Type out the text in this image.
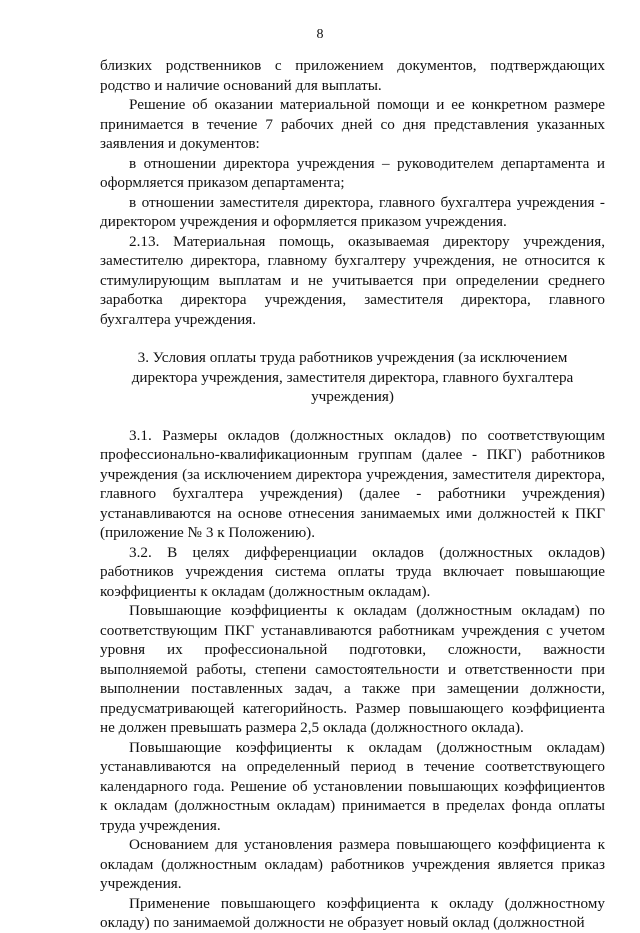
8

близких родственников с приложением документов, подтверждающих родство и наличие оснований для выплаты.

Решение об оказании материальной помощи и ее конкретном размере принимается в течение 7 рабочих дней со дня представления указанных заявления и документов:

в отношении директора учреждения – руководителем департамента и оформляется приказом департамента;

в отношении заместителя директора, главного бухгалтера учреждения - директором учреждения и оформляется приказом учреждения.

2.13. Материальная помощь, оказываемая директору учреждения, заместителю директора, главному бухгалтеру учреждения, не относится к стимулирующим выплатам и не учитывается при определении среднего заработка директора учреждения, заместителя директора, главного бухгалтера учреждения.

3. Условия оплаты труда работников учреждения (за исключением директора учреждения, заместителя директора, главного бухгалтера учреждения)

3.1. Размеры окладов (должностных окладов) по соответствующим профессионально-квалификационным группам (далее - ПКГ) работников учреждения (за исключением директора учреждения, заместителя директора, главного бухгалтера учреждения) (далее - работники учреждения) устанавливаются на основе отнесения занимаемых ими должностей к ПКГ (приложение № 3 к Положению).

3.2. В целях дифференциации окладов (должностных окладов) работников учреждения система оплаты труда включает повышающие коэффициенты к окладам (должностным окладам).

Повышающие коэффициенты к окладам (должностным окладам) по соответствующим ПКГ устанавливаются работникам учреждения с учетом уровня их профессиональной подготовки, сложности, важности выполняемой работы, степени самостоятельности и ответственности при выполнении поставленных задач, а также при замещении должности, предусматривающей категорийность. Размер повышающего коэффициента не должен превышать размера 2,5 оклада (должностного оклада).

Повышающие коэффициенты к окладам (должностным окладам) устанавливаются на определенный период в течение соответствующего календарного года. Решение об установлении повышающих коэффициентов к окладам (должностным окладам) принимается в пределах фонда оплаты труда учреждения.

Основанием для установления размера повышающего коэффициента к окладам (должностным окладам) работников учреждения является приказ учреждения.

Применение повышающего коэффициента к окладу (должностному окладу) по занимаемой должности не образует новый оклад (должностной
